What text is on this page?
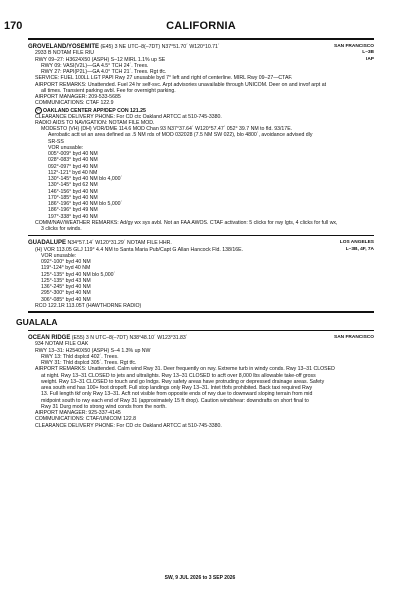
170	CALIFORNIA
GROVELAND/YOSEMITE (E45) 3 NE UTC–8(–7DT) N37°51.70´ W120°10.71´	SAN FRANCISCO
2933 B NOTAM FILE RIU	L–3B
RWY 09–27: H3624X50 (ASPH) S–12 MIRL 1.1% up SE	IAP
RWY 09: VASI(V2L)—GA 4.5° TCH 24´. Trees.
RWY 27: PAPI(P2L)—GA 4.0° TCH 21´. Trees. Rgt tfc.
SERVICE: FUEL 100LL LGT PAPI Rwy 27 unusable byd 7° left and right of centerline. MIRL Rwy 09–27—CTAF.
AIRPORT REMARKS: Unattended. Fuel 24 hr self-svc. Arpt advisories unavailable through UNICOM. Deer on and invof arpt at
all times. Transient parking avbl. Fee for overnight parking.
AIRPORT MANAGER: 209-533-5685
COMMUNICATIONS: CTAF 122.9
R OAKLAND CENTER APP/DEP CON 121.25
CLEARANCE DELIVERY PHONE: For CD ctc Oakland ARTCC at 510-745-3380.
RADIO AIDS TO NAVIGATION: NOTAM FILE MOD.
MODESTO (VH) (DH) VOR/DME 114.6 MOD Chan 93 N37°37.64´ W120°57.47´ 052° 39.7 NM to fld. 93/17E.
Aerobatic actt wi an area defined as .5 NM rds of MOD 032028 (7.5 NM SW 022), blo 4800´, avoidance advised dly
SR-SS
VOR unusable:
005°-009° byd 40 NM
028°-083° byd 40 NM
092°-097° byd 40 NM
112°-121° byd 40 NM
130°-145° byd 40 NM blo 4,000´
130°-145° byd 62 NM
146°-156° byd 40 NM
170°-185° byd 40 NM
186°-196° byd 40 NM blo 5,000´
186°-196° byd 49 NM
197°-338° byd 40 NM
COMM/NAV/WEATHER REMARKS: Ad/gy wx sys avbl. Not an FAA AWOS. CTAF activation: 5 clicks for rwy lgts, 4 clicks for full wx,
3 clicks for winds.
GUADALUPE N34°57.14´ W120°31.29´ NOTAM FILE HHR.	LOS ANGELES
(H) VOR 113.05 GLJ 119° 4.4 NM to Santa Maria Pub/Capt G Allan Hancock Fld. 138/16E.	L–3B, 4F, 7A
VOR unusable:
092°-100° byd 40 NM
119°-124° byd 40 NM
125°-135° byd 40 NM blo 5,000´
125°-135° byd 43 NM
136°-245° byd 40 NM
295°-300° byd 40 NM
306°-085° byd 40 NM
RCO 122.1R 113.05T (HAWTHORNE RADIO)
GUALALA
OCEAN RIDGE (E55) 3 N UTC–8(–7DT) N38°48.10´ W123°31.83´	SAN FRANCISCO
934 NOTAM FILE OAK
RWY 13–31: H2540X50 (ASPH) S–4 1.3% up NW
RWY 13: Thld dsplcd 402´. Trees.
RWY 31: Thld dsplcd 305´. Trees. Rgt tfc.
AIRPORT REMARKS: Unattended. Calm wind Rwy 31. Deer frequently on rwy. Extreme turb in windy conds. Rwy 13–31 CLOSED
at night. Rwy 13–31 CLOSED to jets and ultralights. Rwy 13–31 CLOSED to acft over 8,000 lbs allowable take-off gross
weight. Rwy 13–31 CLOSED to touch and go lndgs. Rwy safety areas have protruding or depressed drainage areas. Safety
area south end has 100+ foot dropoff. Full stop landings only Rwy 13–31. Intet tfofs prohibited. Back taxi required Rwy
13. Full length tkf only Rwy 13–31. Acft not visible from opposite ends of rwy due to downward sloping terrain from mid
midpoint south to rwy each end of Rwy 31 (approximately 15 ft drop). Caution windshear: downdrafts on short final to
Rwy 31 Durg mod to strong wind conds from the north.
AIRPORT MANAGER: 925-337-4145
COMMUNICATIONS: CTAF/UNICOM 122.8
CLEARANCE DELIVERY PHONE: For CD ctc Oakland ARTCC at 510-745-3380.
SW, 9 JUL 2026 to 3 SEP 2026
